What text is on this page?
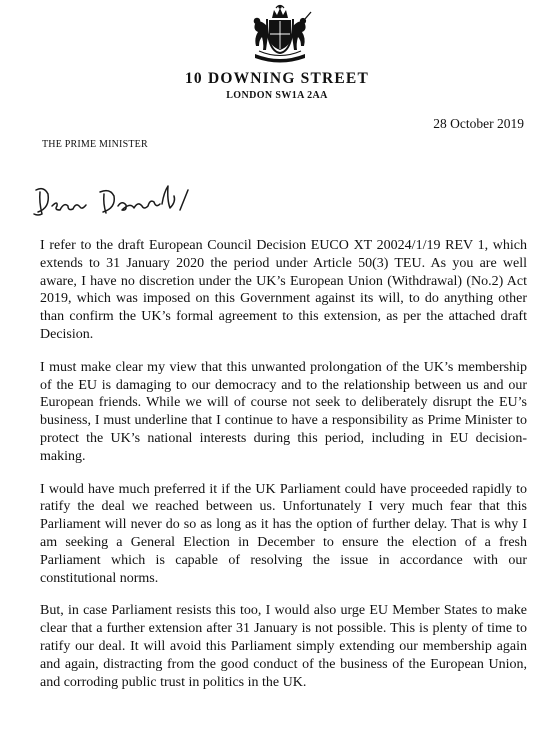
10 DOWNING STREET
LONDON SW1A 2AA
28 October 2019
THE PRIME MINISTER

I refer to the draft European Council Decision EUCO XT 20024/1/19 REV 1, which extends to 31 January 2020 the period under Article 50(3) TEU. As you are well aware, I have no discretion under the UK’s European Union (Withdrawal) (No.2) Act 2019, which was imposed on this Government against its will, to do anything other than confirm the UK’s formal agreement to this extension, as per the attached draft Decision.

I must make clear my view that this unwanted prolongation of the UK’s membership of the EU is damaging to our democracy and to the relationship between us and our European friends. While we will of course not seek to deliberately disrupt the EU’s business, I must underline that I continue to have a responsibility as Prime Minister to protect the UK’s national interests during this period, including in EU decision-making.

I would have much preferred it if the UK Parliament could have proceeded rapidly to ratify the deal we reached between us. Unfortunately I very much fear that this Parliament will never do so as long as it has the option of further delay. That is why I am seeking a General Election in December to ensure the election of a fresh Parliament which is capable of resolving the issue in accordance with our constitutional norms.

But, in case Parliament resists this too, I would also urge EU Member States to make clear that a further extension after 31 January is not possible. This is plenty of time to ratify our deal. It will avoid this Parliament simply extending our membership again and again, distracting from the good conduct of the business of the European Union, and corroding public trust in politics in the UK.
